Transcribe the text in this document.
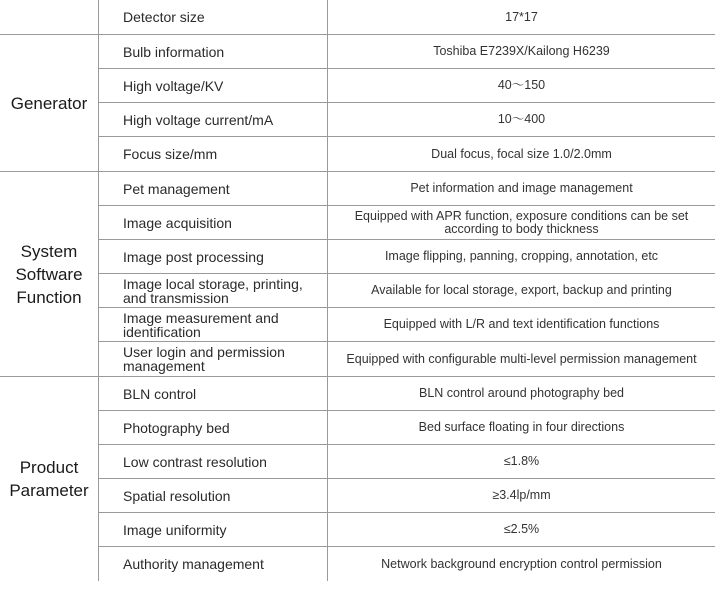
Detector size	17*17
Generator
Bulb information	Toshiba E7239X/Kailong H6239
High voltage/KV	40～150
High voltage current/mA	10～400
Focus size/mm	Dual focus, focal size 1.0/2.0mm
System Software Function
Pet management	Pet information and image management
Image acquisition	Equipped with APR function, exposure conditions can be set according to body thickness
Image post processing	Image flipping, panning, cropping, annotation, etc
Image local storage, printing, and transmission	Available for local storage, export, backup and printing
Image measurement and identification	Equipped with L/R and text identification functions
User login and permission management	Equipped with configurable multi-level permission management
Product Parameter
BLN control	BLN control around photography bed
Photography bed	Bed surface floating in four directions
Low contrast resolution	≤1.8%
Spatial resolution	≥3.4lp/mm
Image uniformity	≤2.5%
Authority management	Network background encryption control permission
